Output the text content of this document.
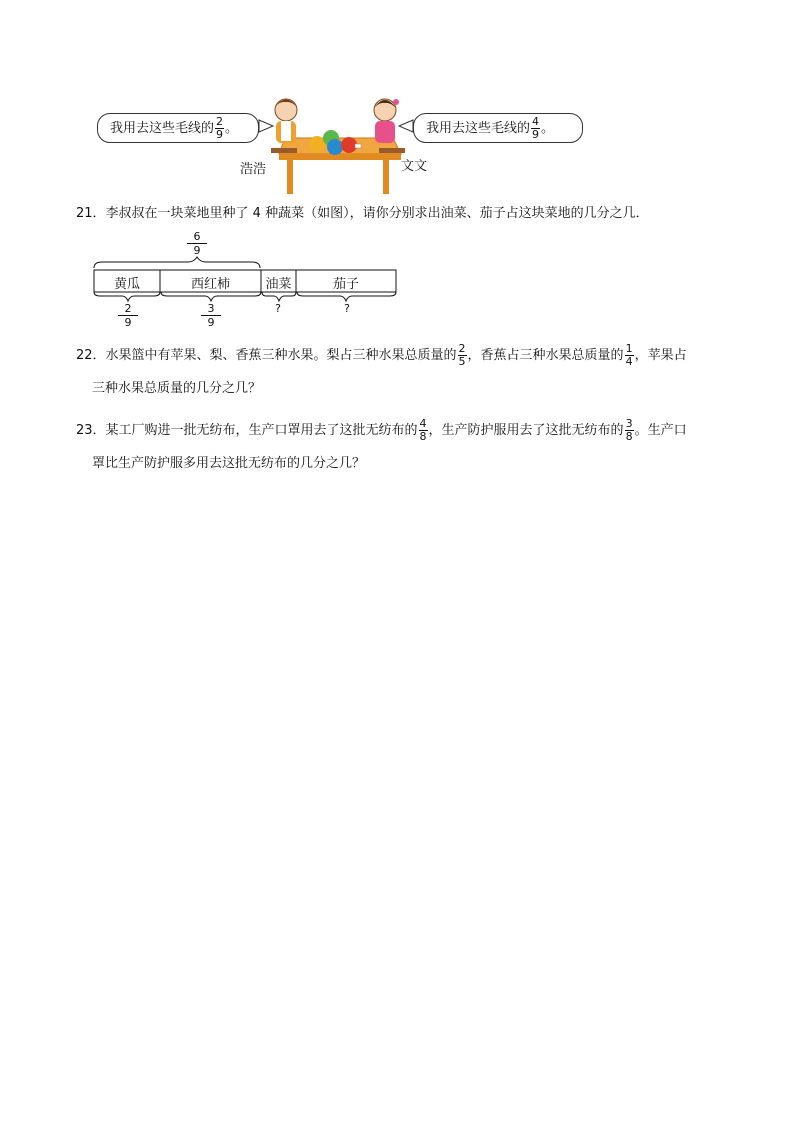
我用去这些毛线的 $\frac{2}{9}$ 。	我用去这些毛线的 $\frac{4}{9}$ 。
浩浩	文文
21．李叔叔在一块菜地里种了 4 种蔬菜（如图），请你分别求出油菜、茄子占这块菜地的几分之几．
$\frac{6}{9}$
黄瓜	西红柿	油菜	茄子
$\frac{2}{9}$	$\frac{3}{9}$	?	?
22．水果篮中有苹果、梨、香蕉三种水果。梨占三种水果总质量的 $\frac{2}{5}$ ，香蕉占三种水果总质量的 $\frac{1}{4}$ ，苹果占
三种水果总质量的几分之几？
23．某工厂购进一批无纺布，生产口罩用去了这批无纺布的 $\frac{4}{8}$ ，生产防护服用去了这批无纺布的 $\frac{3}{8}$ 。生产口
罩比生产防护服多用去这批无纺布的几分之几？
